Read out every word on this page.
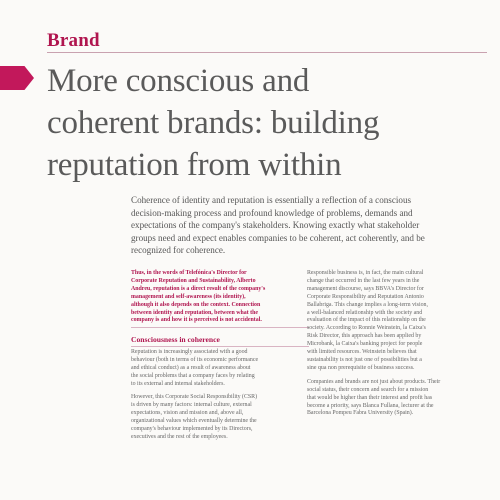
Brand
More conscious and
coherent brands: building
reputation from within
Coherence of identity and reputation is essentially a reflection of a conscious
decision-making process and profound knowledge of problems, demands and
expectations of the company's stakeholders. Knowing exactly what stakeholder
groups need and expect enables companies to be coherent, act coherently, and be
recognized for coherence.
Thus, in the words of Telefónica's Director for
Corporate Reputation and Sustainability, Alberto
Andreu, reputation is a direct result of the company's
management and self-awareness (its identity),
although it also depends on the context. Connection
between identity and reputation, between what the
company is and how it is perceived is not accidental.
Consciousness in coherence
Reputation is increasingly associated with a good
behaviour (both in terms of its economic performance
and ethical conduct) as a result of awareness about
the social problems that a company faces by relating
to its external and internal stakeholders.
However, this Corporate Social Responsibility (CSR)
is driven by many factors: internal culture, external
expectations, vision and mission and, above all,
organizational values which eventually determine the
company's behaviour implemented by its Directors,
executives and the rest of the employees.
Responsible business is, in fact, the main cultural
change that occurred in the last few years in the
management discourse, says BBVA's Director for
Corporate Responsibility and Reputation Antonio
Ballabriga. This change implies a long-term vision,
a well-balanced relationship with the society and
evaluation of the impact of this relationship on the
society. According to Ronnie Weinstein, la Caixa's
Risk Director, this approach has been applied by
Microbank, la Caixa's banking project for people
with limited resources. Weinstein believes that
sustainability is not just one of possibilities but a
sine qua non prerequisite of business success.
Companies and brands are not just about products. Their
social status, their concern and search for a mission
that would be higher than their interest and profit has
become a priority, says Blanca Fullana, lecturer at the
Barcelona Pompeu Fabra University (Spain).
